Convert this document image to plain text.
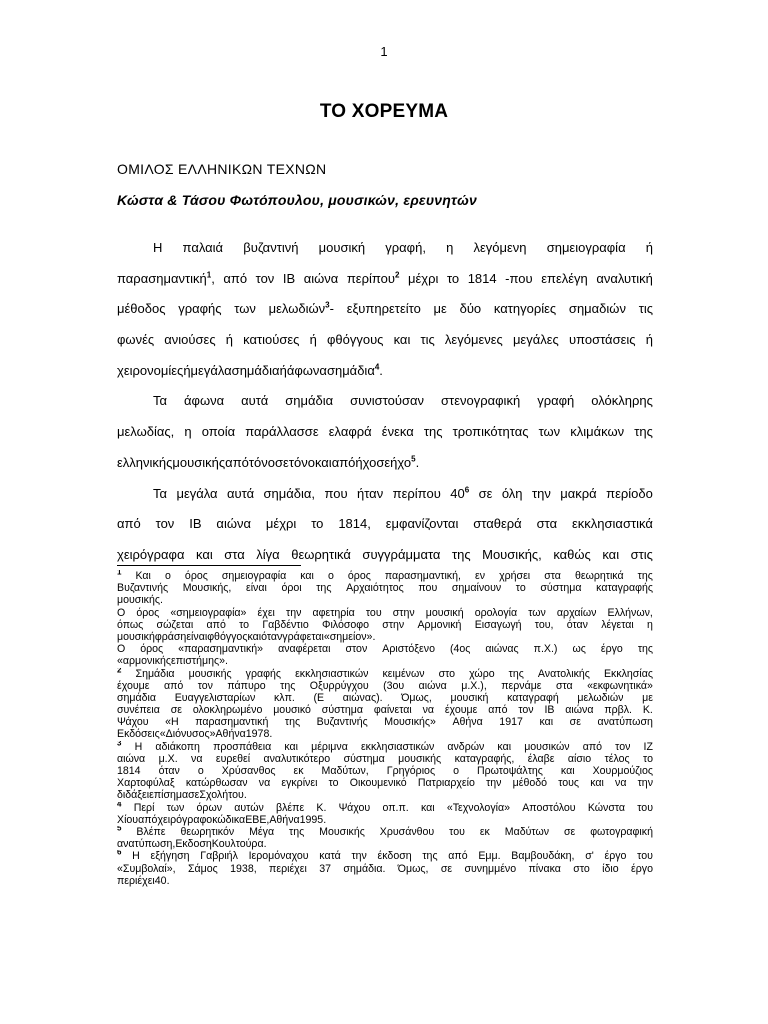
1
ΤΟ ΧΟΡΕΥΜΑ
ΟΜΙΛΟΣ ΕΛΛΗΝΙΚΩΝ ΤΕΧΝΩΝ
Κώστα & Τάσου Φωτόπουλου, μουσικών, ερευνητών
Η παλαιά βυζαντινή μουσική γραφή, η λεγόμενη σημειογραφία ή
παρασημαντική$^1$, από τον ΙΒ αιώνα περίπου$^2$ μέχρι το 1814 -που επελέγη αναλυτική
μέθοδος γραφής των μελωδιών$^3$- εξυπηρετείτο με δύο κατηγορίες σημαδιών τις
φωνές ανιούσες ή κατιούσες ή φθόγγους και τις λεγόμενες μεγάλες υποστάσεις ή
χειρονομίες ή μεγάλα σημάδια ή άφωνα σημάδια$^4$.
Τα άφωνα αυτά σημάδια συνιστούσαν στενογραφική γραφή ολόκληρης
μελωδίας, η οποία παράλλασσε ελαφρά ένεκα της τροπικότητας των κλιμάκων της
ελληνικής μουσικής από τόνο σε τόνο και από ήχο σε ήχο$^5$.
Τα μεγάλα αυτά σημάδια, που ήταν περίπου $40^6$ σε όλη την μακρά περίοδο
από τον ΙΒ αιώνα μέχρι το 1814, εμφανίζονται σταθερά στα εκκλησιαστικά
χειρόγραφα και στα λίγα θεωρητικά συγγράμματα της Μουσικής, καθώς και στις
$^1$ Και ο όρος σημειογραφία και ο όρος παρασημαντική, εν χρήσει στα θεωρητικά της
Βυζαντινής Μουσικής, είναι όροι της Αρχαιότητος που σημαίνουν το σύστημα καταγραφής
μουσικής.
Ο όρος «σημειογραφία» έχει την αφετηρία του στην μουσική ορολογία των αρχαίων Ελλήνων,
όπως σώζεται από το Γαβδέντιο Φιλόσοφο στην Αρμονική Εισαγωγή του, όταν λέγεται η
μουσική φράση είναι φθόγγος και όταν γράφεται «σημείον».
Ο όρος «παρασημαντική» αναφέρεται στον Αριστόξενο (4ος αιώνας π.Χ.) ως έργο της
«αρμονικής επιστήμης».
$^2$ Σημάδια μουσικής γραφής εκκλησιαστικών κειμένων στο χώρο της Ανατολικής Εκκλησίας
έχουμε από τον πάπυρο της Οξυρρύγχου (3ου αιώνα μ.Χ.), περνάμε στα «εκφωνητικά»
σημάδια Ευαγγελισταρίων κλπ. (Ε αιώνας). Όμως, μουσική καταγραφή μελωδιών με
συνέπεια σε ολοκληρωμένο μουσικό σύστημα φαίνεται να έχουμε από τον ΙΒ αιώνα πρβλ. Κ.
Ψάχου «Η παρασημαντική της Βυζαντινής Μουσικής» Αθήνα 1917 και σε ανατύπωση
Εκδόσεις «Διόνυσος» Αθήνα 1978.
$^3$ Η αδιάκοπη προσπάθεια και μέριμνα εκκλησιαστικών ανδρών και μουσικών από τον ΙΖ
αιώνα μ.Χ. να ευρεθεί αναλυτικότερο σύστημα μουσικής καταγραφής, έλαβε αίσιο τέλος το
1814 όταν ο Χρύσανθος εκ Μαδύτων, Γρηγόριος ο Πρωτοψάλτης και Χουρμούζιος
Χαρτοφύλαξ κατώρθωσαν να εγκρίνει το Οικουμενικό Πατριαρχείο την μέθοδό τους και να την
διδάξει επίσημα σε Σχολή του.
$^4$ Περί των όρων αυτών βλέπε Κ. Ψάχου οπ.π. και «Τεχνολογία» Αποστόλου Κώνστα του
Χίου από χειρόγραφο κώδικα ΕΒΕ, Αθήνα 1995.
$^5$ Βλέπε θεωρητικόν Μέγα της Μουσικής Χρυσάνθου του εκ Μαδύτων σε φωτογραφική
ανατύπωση, Εκδοση Κουλτούρα.
$^6$ Η εξήγηση Γαβριήλ Ιερομόναχου κατά την έκδοση της από Εμμ. Βαμβουδάκη, σ' έργο του
«Συμβολαί», Σάμος 1938, περιέχει 37 σημάδια. Όμως, σε συνημμένο πίνακα στο ίδιο έργο
περιέχει 40.
